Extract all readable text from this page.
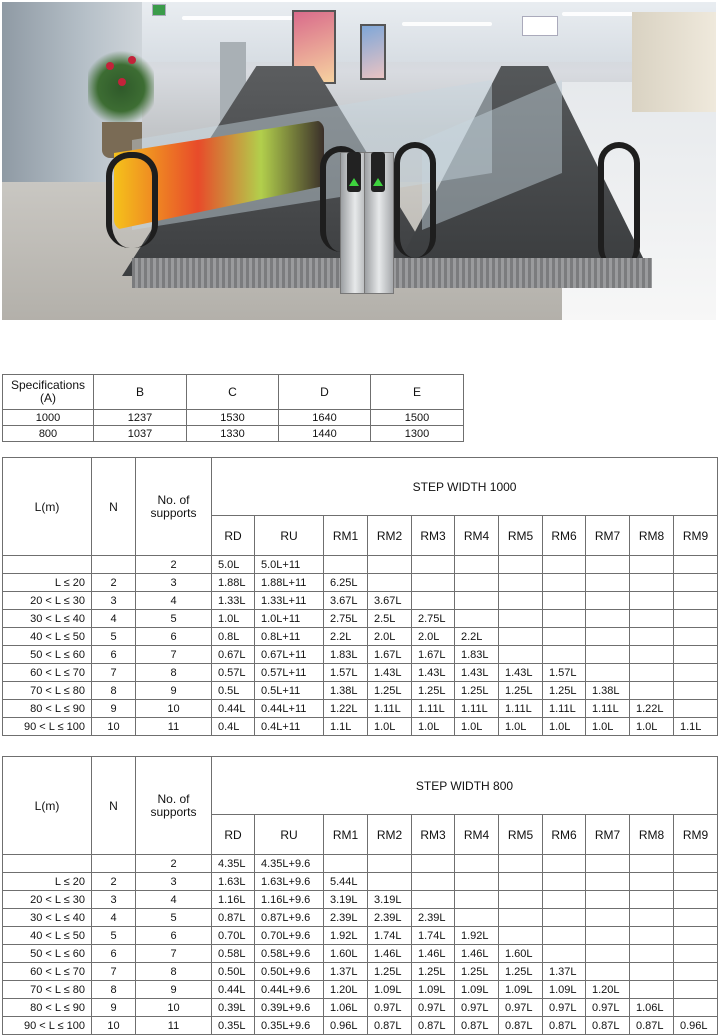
Specifications (A)	B	C	D	E
1000	1237	1530	1640	1500
800	1037	1330	1440	1300
L(m)	N	No. of supports	STEP WIDTH 1000										
			RD	RU	RM1	RM2	RM3	RM4	RM5	RM6	RM7	RM8	RM9
		2	5.0L	5.0L+11									
L ≤ 20	2	3	1.88L	1.88L+11	6.25L								
20 < L ≤ 30	3	4	1.33L	1.33L+11	3.67L	3.67L							
30 < L ≤ 40	4	5	1.0L	1.0L+11	2.75L	2.5L	2.75L						
40 < L ≤ 50	5	6	0.8L	0.8L+11	2.2L	2.0L	2.0L	2.2L					
50 < L ≤ 60	6	7	0.67L	0.67L+11	1.83L	1.67L	1.67L	1.83L					
60 < L ≤ 70	7	8	0.57L	0.57L+11	1.57L	1.43L	1.43L	1.43L	1.43L	1.57L			
70 < L ≤ 80	8	9	0.5L	0.5L+11	1.38L	1.25L	1.25L	1.25L	1.25L	1.25L	1.38L		
80 < L ≤ 90	9	10	0.44L	0.44L+11	1.22L	1.11L	1.11L	1.11L	1.11L	1.11L	1.11L	1.22L	
90 < L ≤ 100	10	11	0.4L	0.4L+11	1.1L	1.0L	1.0L	1.0L	1.0L	1.0L	1.0L	1.0L	1.1L
L(m)	N	No. of supports	STEP WIDTH 800										
			RD	RU	RM1	RM2	RM3	RM4	RM5	RM6	RM7	RM8	RM9
		2	4.35L	4.35L+9.6									
L ≤ 20	2	3	1.63L	1.63L+9.6	5.44L								
20 < L ≤ 30	3	4	1.16L	1.16L+9.6	3.19L	3.19L							
30 < L ≤ 40	4	5	0.87L	0.87L+9.6	2.39L	2.39L	2.39L						
40 < L ≤ 50	5	6	0.70L	0.70L+9.6	1.92L	1.74L	1.74L	1.92L					
50 < L ≤ 60	6	7	0.58L	0.58L+9.6	1.60L	1.46L	1.46L	1.46L	1.60L				
60 < L ≤ 70	7	8	0.50L	0.50L+9.6	1.37L	1.25L	1.25L	1.25L	1.25L	1.37L			
70 < L ≤ 80	8	9	0.44L	0.44L+9.6	1.20L	1.09L	1.09L	1.09L	1.09L	1.09L	1.20L		
80 < L ≤ 90	9	10	0.39L	0.39L+9.6	1.06L	0.97L	0.97L	0.97L	0.97L	0.97L	0.97L	1.06L	
90 < L ≤ 100	10	11	0.35L	0.35L+9.6	0.96L	0.87L	0.87L	0.87L	0.87L	0.87L	0.87L	0.87L	0.96L
